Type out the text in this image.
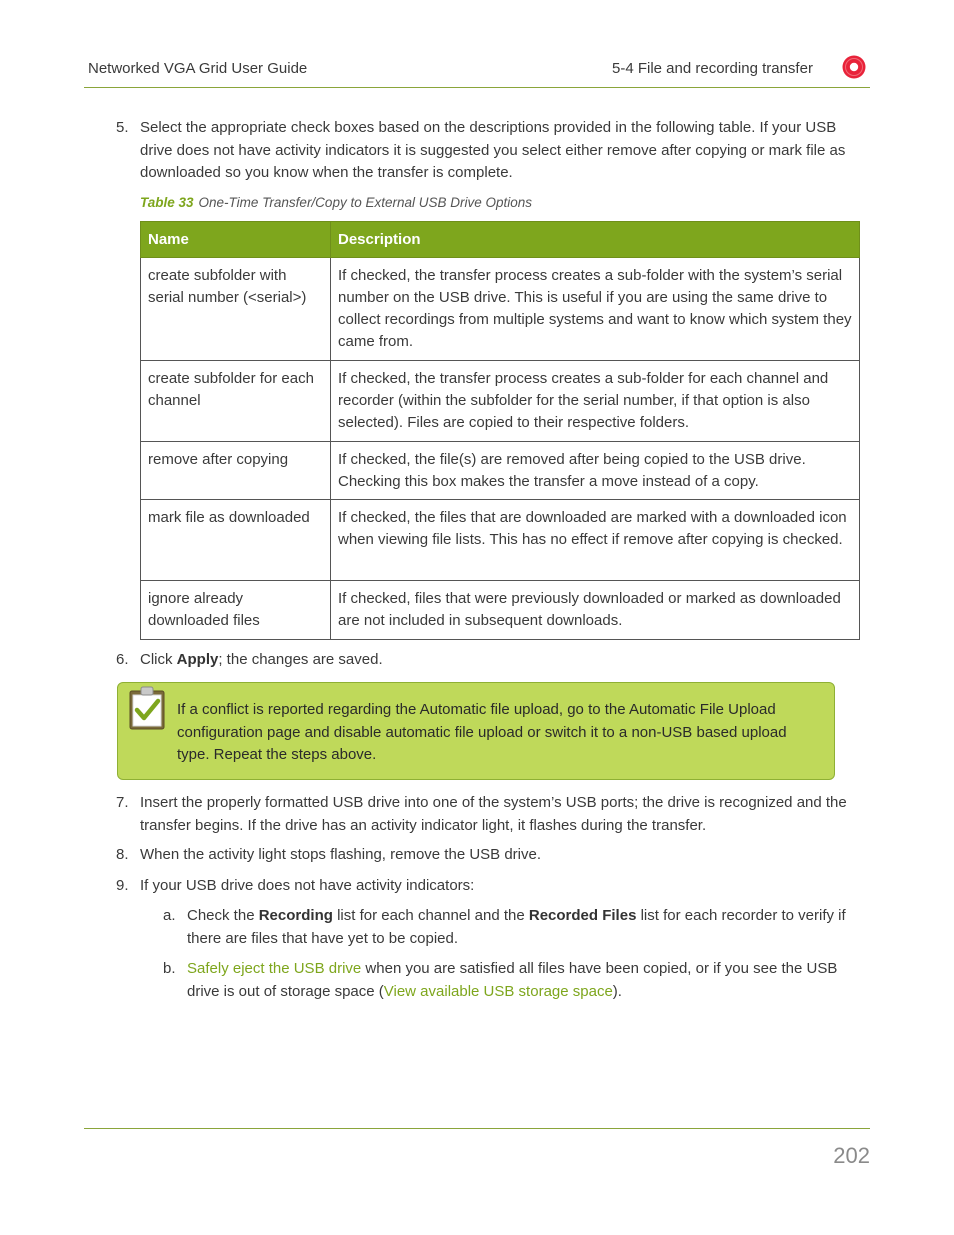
Networked VGA Grid User Guide	5-4 File and recording transfer
5. Select the appropriate check boxes based on the descriptions provided in the following table. If your USB drive does not have activity indicators it is suggested you select either remove after copying or mark file as downloaded so you know when the transfer is complete.
Table 33 One-Time Transfer/Copy to External USB Drive Options
Name	Description
create subfolder with serial number (<serial>)	If checked, the transfer process creates a sub-folder with the system’s serial number on the USB drive. This is useful if you are using the same drive to collect recordings from multiple systems and want to know which system they came from.
create subfolder for each channel	If checked, the transfer process creates a sub-folder for each channel and recorder (within the subfolder for the serial number, if that option is also selected). Files are copied to their respective folders.
remove after copying	If checked, the file(s) are removed after being copied to the USB drive. Checking this box makes the transfer a move instead of a copy.
mark file as downloaded	If checked, the files that are downloaded are marked with a downloaded icon when viewing file lists. This has no effect if remove after copying is checked.
ignore already downloaded files	If checked, files that were previously downloaded or marked as downloaded are not included in subsequent downloads.
6. Click Apply; the changes are saved.
If a conflict is reported regarding the Automatic file upload, go to the Automatic File Upload configuration page and disable automatic file upload or switch it to a non-USB based upload type. Repeat the steps above.
7. Insert the properly formatted USB drive into one of the system’s USB ports; the drive is recognized and the transfer begins. If the drive has an activity indicator light, it flashes during the transfer.
8. When the activity light stops flashing, remove the USB drive.
9. If your USB drive does not have activity indicators:
a. Check the Recording list for each channel and the Recorded Files list for each recorder to verify if there are files that have yet to be copied.
b. Safely eject the USB drive when you are satisfied all files have been copied, or if you see the USB drive is out of storage space (View available USB storage space).
202
